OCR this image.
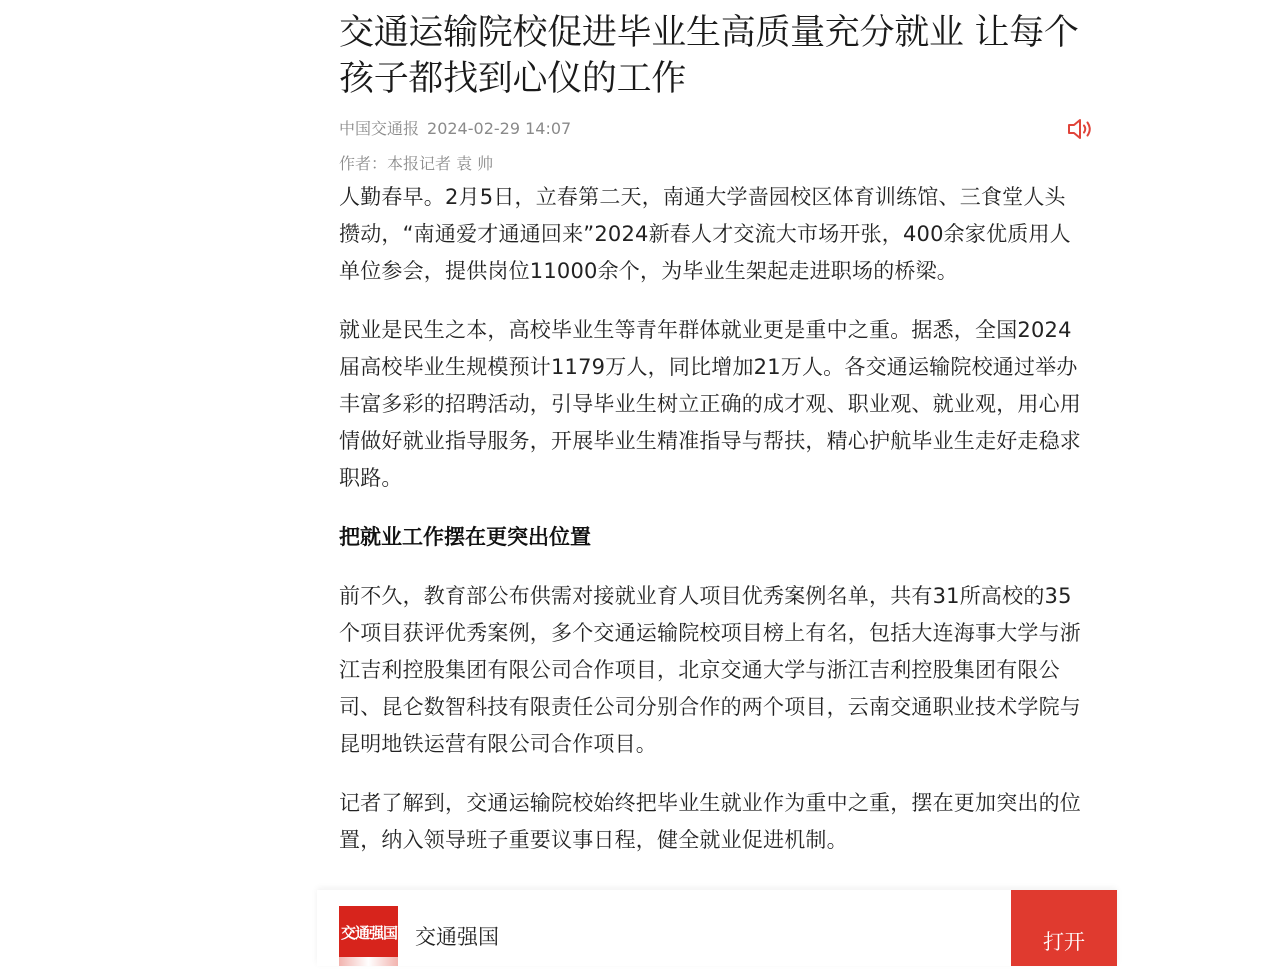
交通运输院校促进毕业生高质量充分就业 让每个孩子都找到心仪的工作
中国交通报 2024-02-29 14:07
作者：本报记者 袁 帅

人勤春早。2月5日，立春第二天，南通大学啬园校区体育训练馆、三食堂人头攒动，“南通爱才通通回来”2024新春人才交流大市场开张，400余家优质用人单位参会，提供岗位11000余个，为毕业生架起走进职场的桥梁。

就业是民生之本，高校毕业生等青年群体就业更是重中之重。据悉，全国2024届高校毕业生规模预计1179万人，同比增加21万人。各交通运输院校通过举办丰富多彩的招聘活动，引导毕业生树立正确的成才观、职业观、就业观，用心用情做好就业指导服务，开展毕业生精准指导与帮扶，精心护航毕业生走好走稳求职路。

把就业工作摆在更突出位置

前不久，教育部公布供需对接就业育人项目优秀案例名单，共有31所高校的35个项目获评优秀案例，多个交通运输院校项目榜上有名，包括大连海事大学与浙江吉利控股集团有限公司合作项目，北京交通大学与浙江吉利控股集团有限公司、昆仑数智科技有限责任公司分别合作的两个项目，云南交通职业技术学院与昆明地铁运营有限公司合作项目。

记者了解到，交通运输院校始终把毕业生就业作为重中之重，摆在更加突出的位置，纳入领导班子重要议事日程，健全就业促进机制。

交通强国 交通强国	打开
